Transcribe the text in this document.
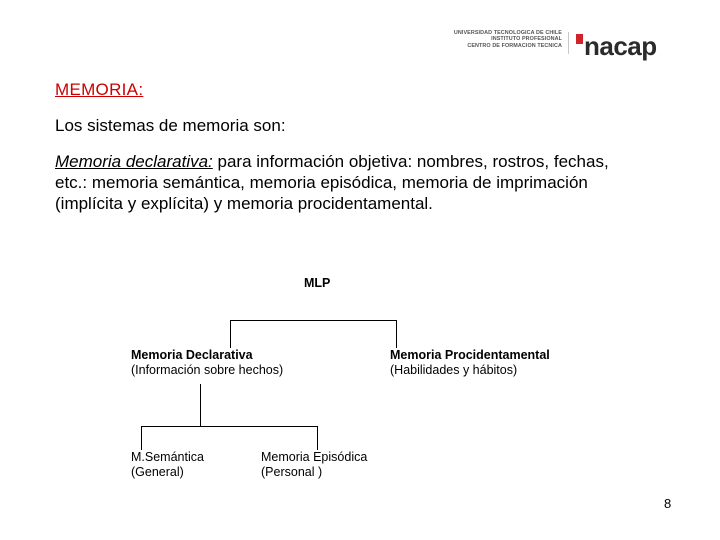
UNIVERSIDAD TECNOLOGICA DE CHILE
INSTITUTO PROFESIONAL
CENTRO DE FORMACION TECNICA nacap
MEMORIA:
Los sistemas de memoria son:
Memoria declarativa: para información objetiva: nombres, rostros, fechas, etc.: memoria semántica, memoria episódica, memoria de imprimación (implícita y explícita) y memoria procidentamental.
MLP
Memoria Declarativa
(Información sobre hechos)
Memoria Procidentamental
(Habilidades y hábitos)
M.Semántica
(General)
Memoria Episódica
(Personal )
8
